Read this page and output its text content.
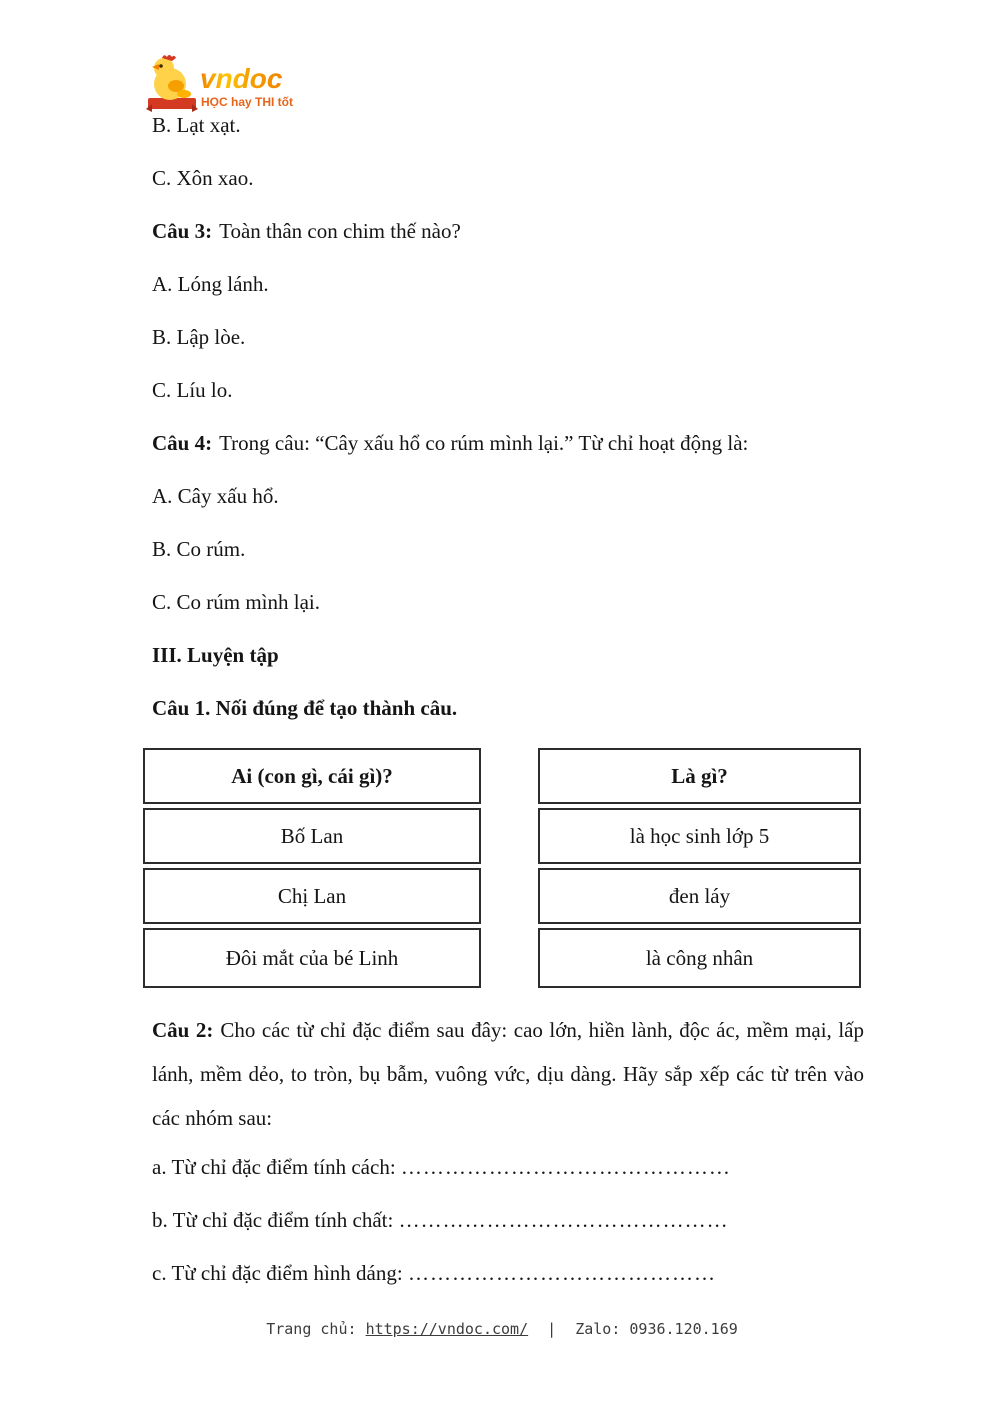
vndoc
HỌC hay THI tốt

B. Lạt xạt.

C. Xôn xao.

Câu 3: Toàn thân con chim thế nào?

A. Lóng lánh.

B. Lập lòe.

C. Líu lo.

Câu 4: Trong câu: “Cây xấu hổ co rúm mình lại.” Từ chỉ hoạt động là:

A. Cây xấu hổ.

B. Co rúm.

C. Co rúm mình lại.

III. Luyện tập

Câu 1. Nối đúng để tạo thành câu.

Ai (con gì, cái gì)?
Bố Lan
Chị Lan
Đôi mắt của bé Linh
Là gì?
là học sinh lớp 5
đen láy
là công nhân

Câu 2: Cho các từ chỉ đặc điểm sau đây: cao lớn, hiền lành, độc ác, mềm mại, lấp lánh, mềm dẻo, to tròn, bụ bẫm, vuông vức, dịu dàng. Hãy sắp xếp các từ trên vào các nhóm sau:

a. Từ chỉ đặc điểm tính cách: ………………………………………

b. Từ chỉ đặc điểm tính chất: ………………………………………

c. Từ chỉ đặc điểm hình dáng: ……………………………………

Trang chủ: https://vndoc.com/ | Zalo: 0936.120.169
